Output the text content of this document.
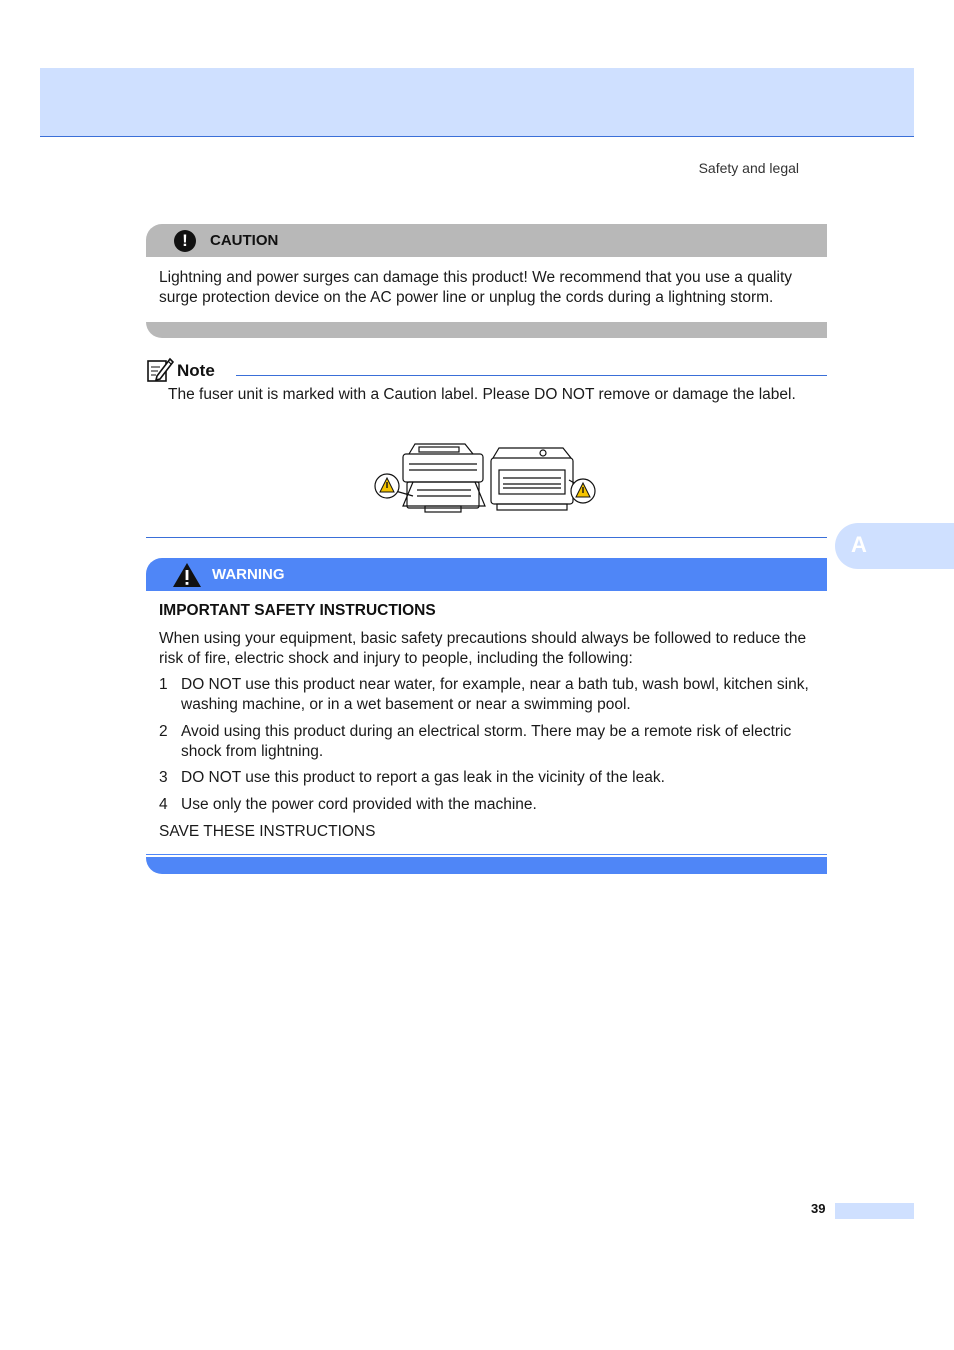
Safety and legal
A
!	CAUTION
Lightning and power surges can damage this product! We recommend that you use a quality surge protection device on the AC power line or unplug the cords during a lightning storm.
Note
The fuser unit is marked with a Caution label. Please DO NOT remove or damage the label.
WARNING
IMPORTANT SAFETY INSTRUCTIONS
When using your equipment, basic safety precautions should always be followed to reduce the risk of fire, electric shock and injury to people, including the following:
1 DO NOT use this product near water, for example, near a bath tub, wash bowl, kitchen sink, washing machine, or in a wet basement or near a swimming pool.
2 Avoid using this product during an electrical storm. There may be a remote risk of electric shock from lightning.
3 DO NOT use this product to report a gas leak in the vicinity of the leak.
4 Use only the power cord provided with the machine.
SAVE THESE INSTRUCTIONS
39
